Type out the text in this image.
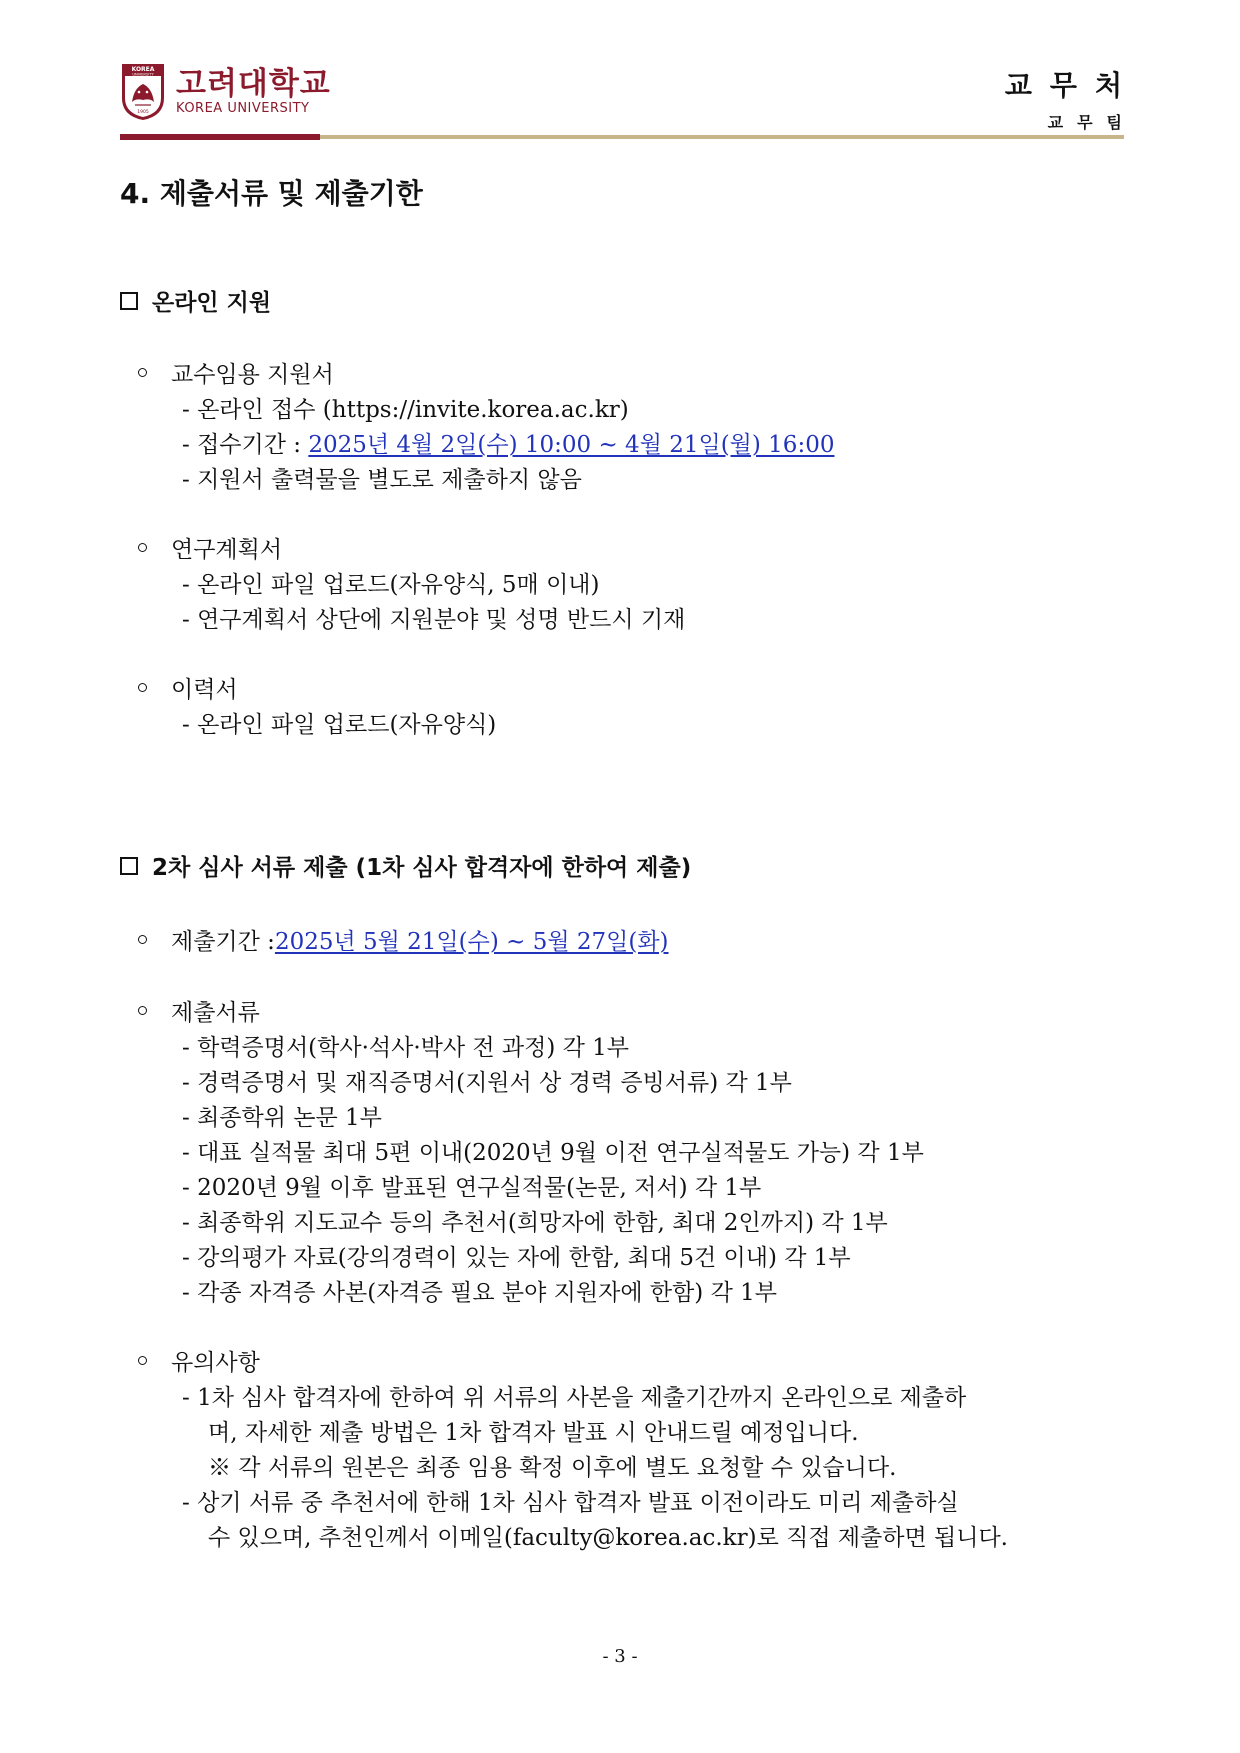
KOREA
UNIVERSITY
1905
고려대학교
KOREA UNIVERSITY
교무처
교무팀
4. 제출서류 및 제출기한
온라인 지원
교수임용 지원서
- 온라인 접수 (https://invite.korea.ac.kr)
- 접수기간 : 2025년 4월 2일(수) 10:00 ~ 4월 21일(월) 16:00
- 지원서 출력물을 별도로 제출하지 않음
연구계획서
- 온라인 파일 업로드(자유양식, 5매 이내)
- 연구계획서 상단에 지원분야 및 성명 반드시 기재
이력서
- 온라인 파일 업로드(자유양식)
2차 심사 서류 제출 (1차 심사 합격자에 한하여 제출)
제출기간 : 2025년 5월 21일(수) ~ 5월 27일(화)
제출서류
- 학력증명서(학사·석사·박사 전 과정) 각 1부
- 경력증명서 및 재직증명서(지원서 상 경력 증빙서류) 각 1부
- 최종학위 논문 1부
- 대표 실적물 최대 5편 이내(2020년 9월 이전 연구실적물도 가능) 각 1부
- 2020년 9월 이후 발표된 연구실적물(논문, 저서) 각 1부
- 최종학위 지도교수 등의 추천서(희망자에 한함, 최대 2인까지) 각 1부
- 강의평가 자료(강의경력이 있는 자에 한함, 최대 5건 이내) 각 1부
- 각종 자격증 사본(자격증 필요 분야 지원자에 한함) 각 1부
유의사항
- 1차 심사 합격자에 한하여 위 서류의 사본을 제출기간까지 온라인으로 제출하
며, 자세한 제출 방법은 1차 합격자 발표 시 안내드릴 예정입니다.
※ 각 서류의 원본은 최종 임용 확정 이후에 별도 요청할 수 있습니다.
- 상기 서류 중 추천서에 한해 1차 심사 합격자 발표 이전이라도 미리 제출하실
수 있으며, 추천인께서 이메일(faculty@korea.ac.kr)로 직접 제출하면 됩니다.
- 3 -
